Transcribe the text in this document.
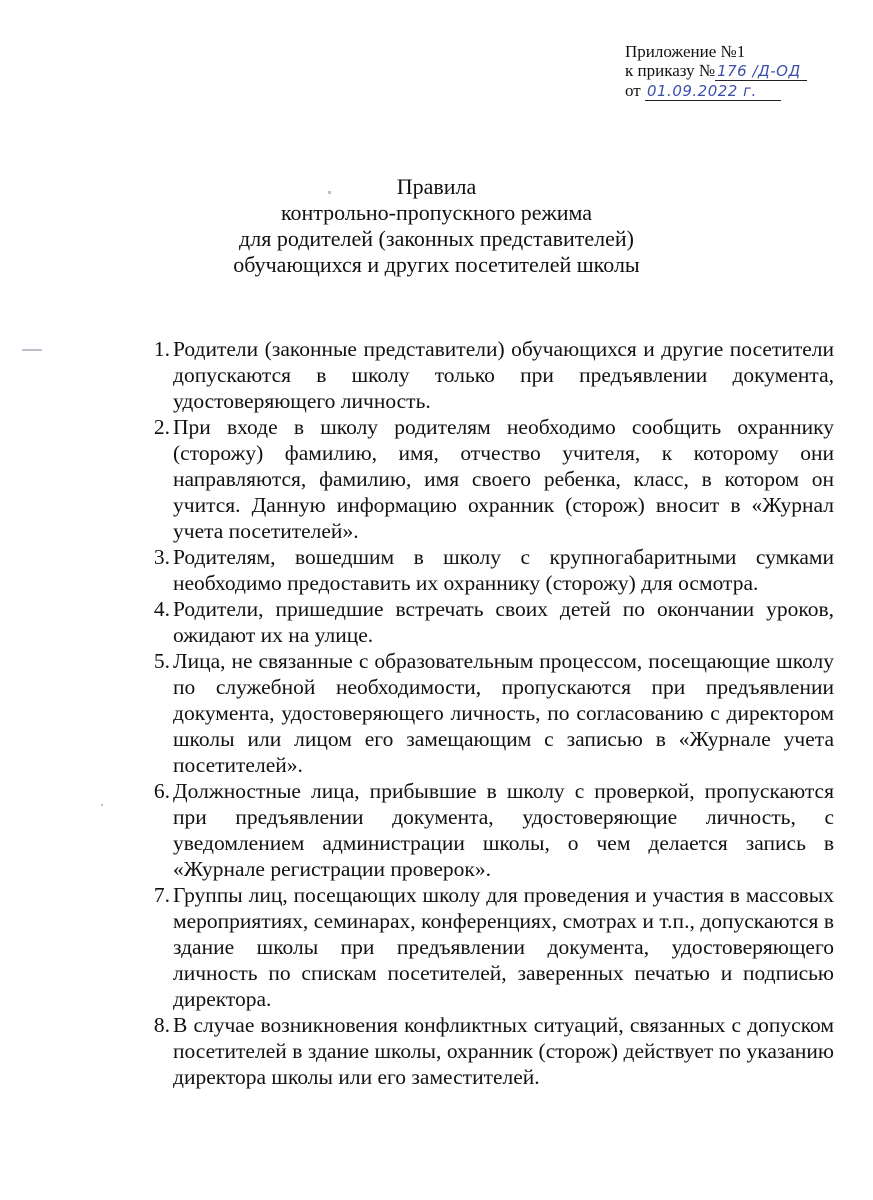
Приложение №1
к приказу № 176 /Д-ОД
от 01.09.2022 г.
Правила
контрольно-пропускного режима
для родителей (законных представителей)
обучающихся и других посетителей школы
1. Родители (законные представители) обучающихся и другие посетители допускаются в школу только при предъявлении документа, удостоверяющего личность.
2. При входе в школу родителям необходимо сообщить охраннику (сторожу) фамилию, имя, отчество учителя, к которому они направляются, фамилию, имя своего ребенка, класс, в котором он учится. Данную информацию охранник (сторож) вносит в «Журнал учета посетителей».
3. Родителям, вошедшим в школу с крупногабаритными сумками необходимо предоставить их охраннику (сторожу) для осмотра.
4. Родители, пришедшие встречать своих детей по окончании уроков, ожидают их на улице.
5. Лица, не связанные с образовательным процессом, посещающие школу по служебной необходимости, пропускаются при предъявлении документа, удостоверяющего личность, по согласованию с директором школы или лицом его замещающим с записью в «Журнале учета посетителей».
6. Должностные лица, прибывшие в школу с проверкой, пропускаются при предъявлении документа, удостоверяющие личность, с уведомлением администрации школы, о чем делается запись в «Журнале регистрации проверок».
7. Группы лиц, посещающих школу для проведения и участия в массовых мероприятиях, семинарах, конференциях, смотрах и т.п., допускаются в здание школы при предъявлении документа, удостоверяющего личность по спискам посетителей, заверенных печатью и подписью директора.
8. В случае возникновения конфликтных ситуаций, связанных с допуском посетителей в здание школы, охранник (сторож) действует по указанию директора школы или его заместителей.
